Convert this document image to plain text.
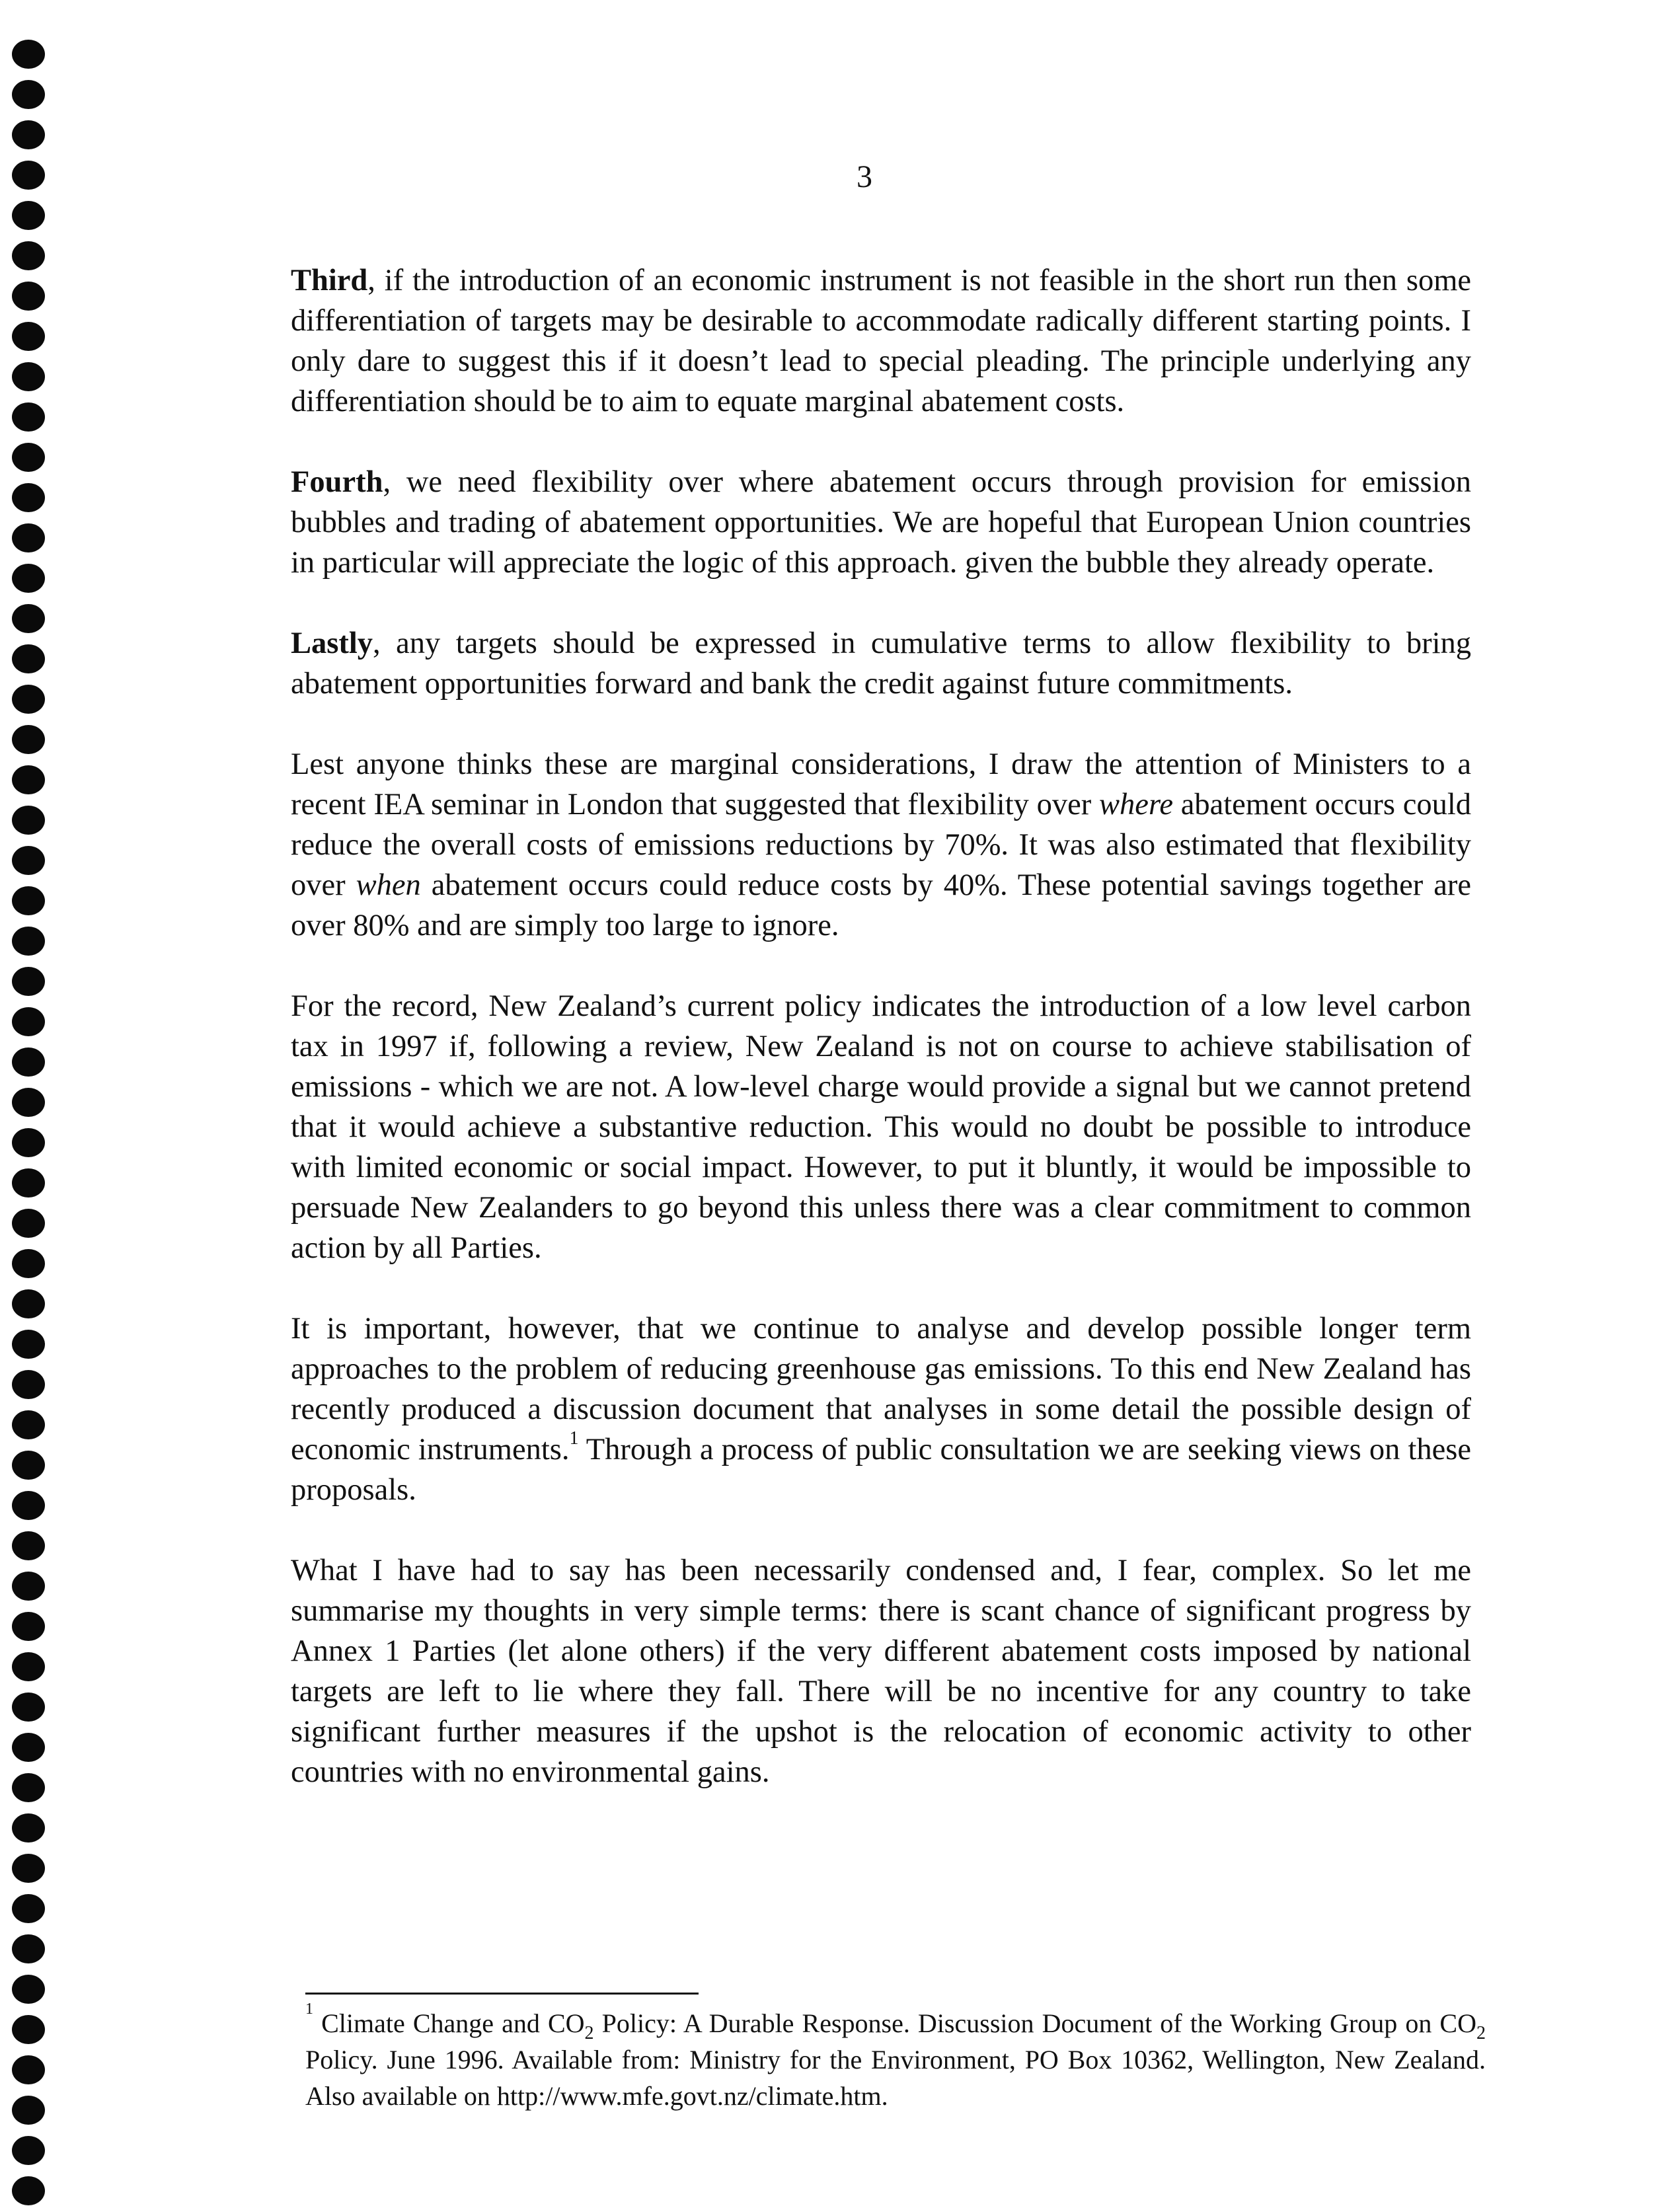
3

Third, if the introduction of an economic instrument is not feasible in the short run then some differentiation of targets may be desirable to accommodate radically different starting points. I only dare to suggest this if it doesn’t lead to special pleading. The principle underlying any differentiation should be to aim to equate marginal abatement costs.

Fourth, we need flexibility over where abatement occurs through provision for emission bubbles and trading of abatement opportunities. We are hopeful that European Union countries in particular will appreciate the logic of this approach. given the bubble they already operate.

Lastly, any targets should be expressed in cumulative terms to allow flexibility to bring abatement opportunities forward and bank the credit against future commitments.

Lest anyone thinks these are marginal considerations, I draw the attention of Ministers to a recent IEA seminar in London that suggested that flexibility over where abatement occurs could reduce the overall costs of emissions reductions by 70%. It was also estimated that flexibility over when abatement occurs could reduce costs by 40%. These potential savings together are over 80% and are simply too large to ignore.

For the record, New Zealand’s current policy indicates the introduction of a low level carbon tax in 1997 if, following a review, New Zealand is not on course to achieve stabilisation of emissions - which we are not. A low-level charge would provide a signal but we cannot pretend that it would achieve a substantive reduction. This would no doubt be possible to introduce with limited economic or social impact. However, to put it bluntly, it would be impossible to persuade New Zealanders to go beyond this unless there was a clear commitment to common action by all Parties.

It is important, however, that we continue to analyse and develop possible longer term approaches to the problem of reducing greenhouse gas emissions. To this end New Zealand has recently produced a discussion document that analyses in some detail the possible design of economic instruments.$^1$ Through a process of public consultation we are seeking views on these proposals.

What I have had to say has been necessarily condensed and, I fear, complex. So let me summarise my thoughts in very simple terms: there is scant chance of significant progress by Annex 1 Parties (let alone others) if the very different abatement costs imposed by national targets are left to lie where they fall. There will be no incentive for any country to take significant further measures if the upshot is the relocation of economic activity to other countries with no environmental gains.

$^1$ Climate Change and $CO_2$ Policy: A Durable Response. Discussion Document of the Working Group on $CO_2$ Policy. June 1996. Available from: Ministry for the Environment, PO Box 10362, Wellington, New Zealand. Also available on http://www.mfe.govt.nz/climate.htm.
